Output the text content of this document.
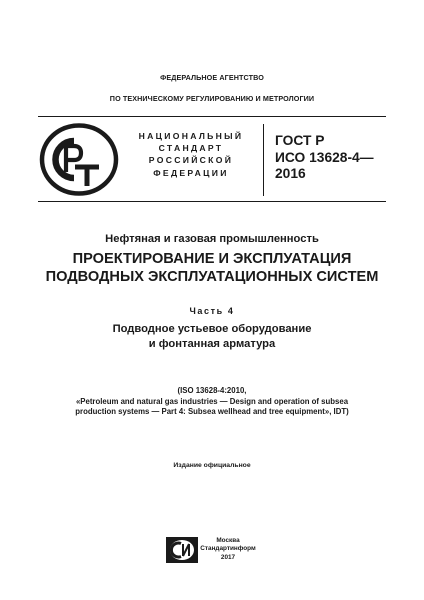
ФЕДЕРАЛЬНОЕ АГЕНТСТВО
ПО ТЕХНИЧЕСКОМУ РЕГУЛИРОВАНИЮ И МЕТРОЛОГИИ
НАЦИОНАЛЬНЫЙ
СТАНДАРТ
РОССИЙСКОЙ
ФЕДЕРАЦИИ
ГОСТ Р
ИСО 13628-4—
2016
Нефтяная и газовая промышленность
ПРОЕКТИРОВАНИЕ И ЭКСПЛУАТАЦИЯ
ПОДВОДНЫХ ЭКСПЛУАТАЦИОННЫХ СИСТЕМ
Часть 4
Подводное устьевое оборудование
и фонтанная арматура
(ISO 13628-4:2010,
«Petroleum and natural gas industries — Design and operation of subsea
production systems — Part 4: Subsea wellhead and tree equipment», IDT)
Издание официальное
Москва
Стандартинформ
2017
